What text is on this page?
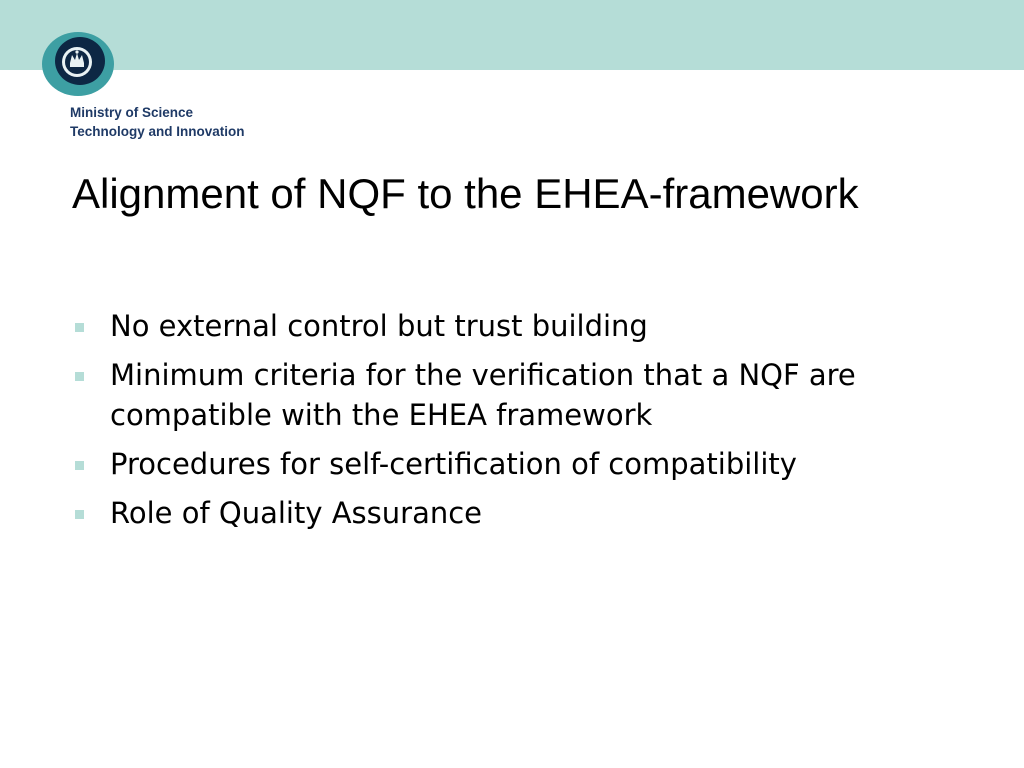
Ministry of Science
Technology and Innovation
Alignment of NQF to the EHEA-framework
No external control but trust building
Minimum criteria for the verification that a NQF are compatible with the EHEA framework
Procedures for self-certification of compatibility
Role of Quality Assurance
